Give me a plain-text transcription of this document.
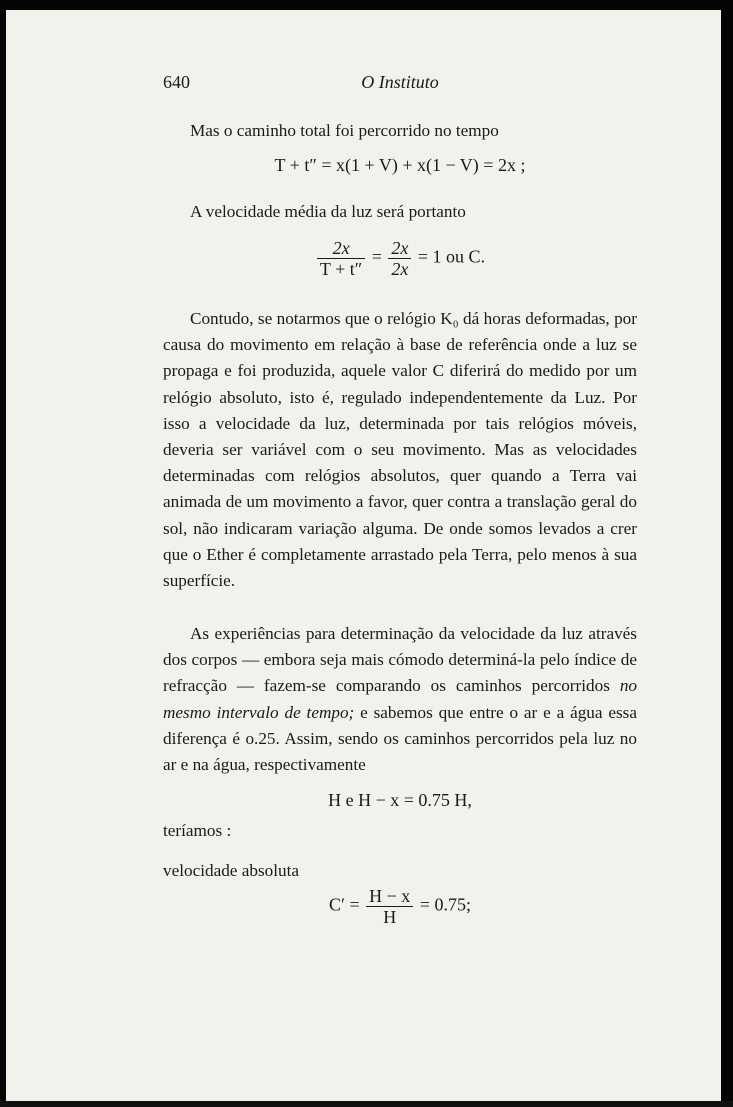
640	O Instituto

Mas o caminho total foi percorrido no tempo

T + t″ = x(1 + V) + x(1 − V) = 2x ;

A velocidade média da luz será portanto

$\frac{2x}{T + t''} = \frac{2x}{2x} = 1$ ou C.

Contudo, se notarmos que o relógio K₀ dá horas deformadas, por causa do movimento em relação à base de referência onde a luz se propaga e foi produzida, aquele valor C diferirá do medido por um relógio absoluto, isto é, regulado independentemente da Luz. Por isso a velocidade da luz, determinada por tais relógios móveis, deveria ser variável com o seu movimento. Mas as velocidades determinadas com relógios absolutos, quer quando a Terra vai animada de um movimento a favor, quer contra a translação geral do sol, não indicaram variação alguma. De onde somos levados a crer que o Ether é completamente arrastado pela Terra, pelo menos à sua superfície.

As experiências para determinação da velocidade da luz através dos corpos — embora seja mais cómodo determiná-la pelo índice de refracção — fazem-se comparando os caminhos percorridos no mesmo intervalo de tempo; e sabemos que entre o ar e a água essa diferença é o.25. Assim, sendo os caminhos percorridos pela luz no ar e na água, respectivamente

H e H − x = 0.75 H,

teríamos :

velocidade absoluta

$C' = \frac{H - x}{H} = 0.75$;
